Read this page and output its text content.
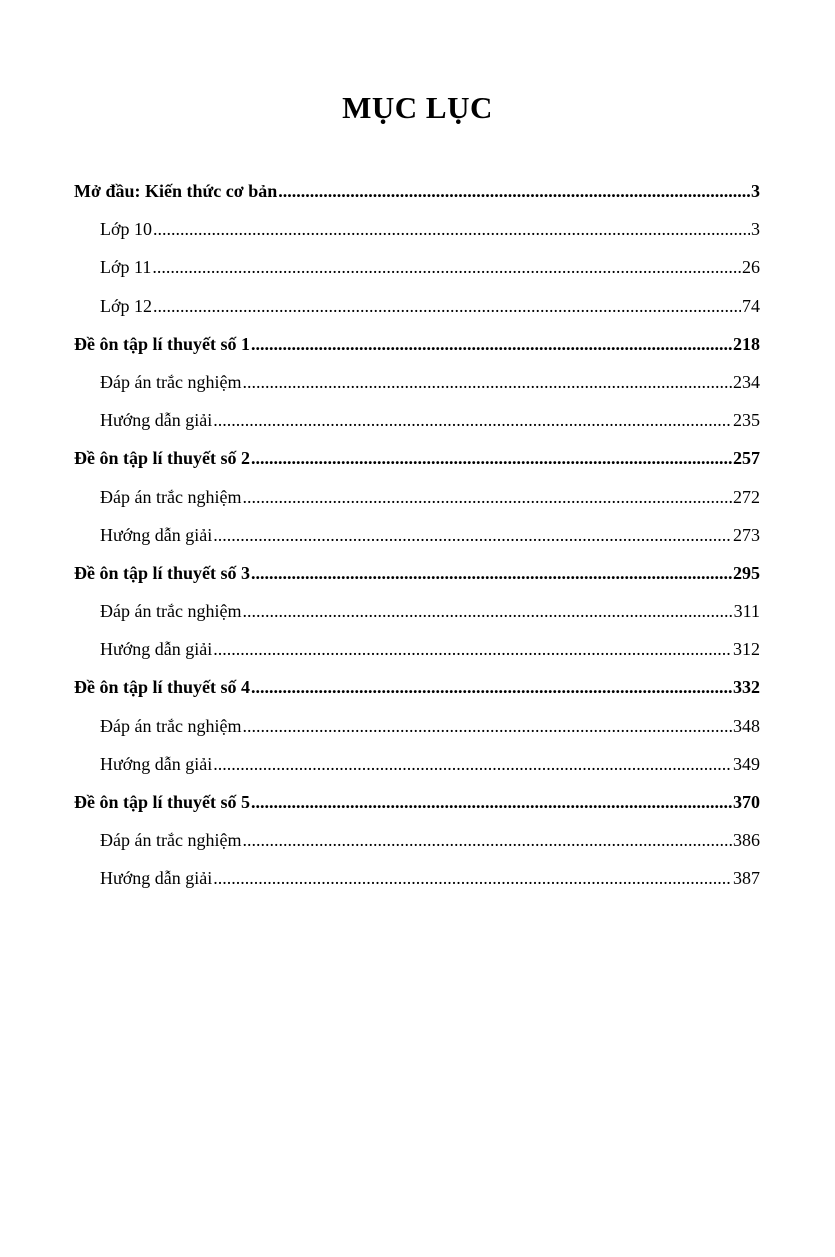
MỤC LỤC
Mở đầu: Kiến thức cơ bản .....	3
Lớp 10 .....	3
Lớp 11 .....	26
Lớp 12 .....	74
Đề ôn tập lí thuyết số 1 .....	218
Đáp án trắc nghiệm .....	234
Hướng dẫn giải .....	235
Đề ôn tập lí thuyết số 2 .....	257
Đáp án trắc nghiệm .....	272
Hướng dẫn giải .....	273
Đề ôn tập lí thuyết số 3 .....	295
Đáp án trắc nghiệm .....	311
Hướng dẫn giải .....	312
Đề ôn tập lí thuyết số 4 .....	332
Đáp án trắc nghiệm .....	348
Hướng dẫn giải .....	349
Đề ôn tập lí thuyết số 5 .....	370
Đáp án trắc nghiệm .....	386
Hướng dẫn giải .....	387
